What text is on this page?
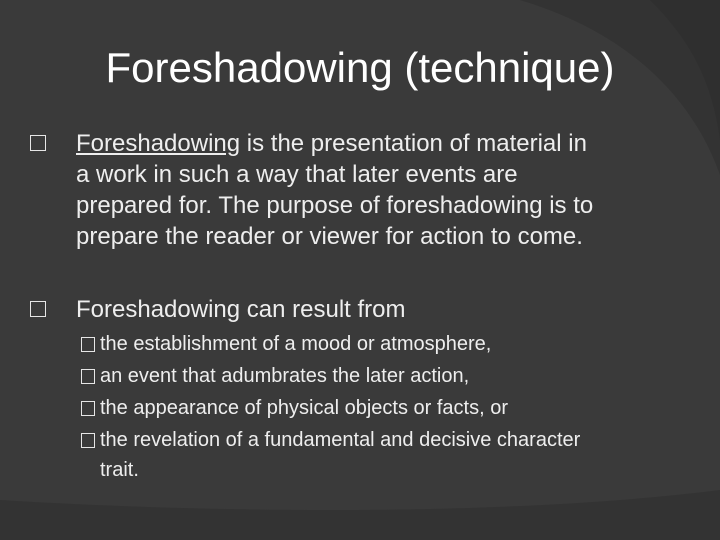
Foreshadowing (technique)
Foreshadowing is the presentation of material in
a work in such a way that later events are
prepared for. The purpose of foreshadowing is to
prepare the reader or viewer for action to come.
Foreshadowing can result from
the establishment of a mood or atmosphere,
an event that adumbrates the later action,
the appearance of physical objects or facts, or
the revelation of a fundamental and decisive character
trait.
